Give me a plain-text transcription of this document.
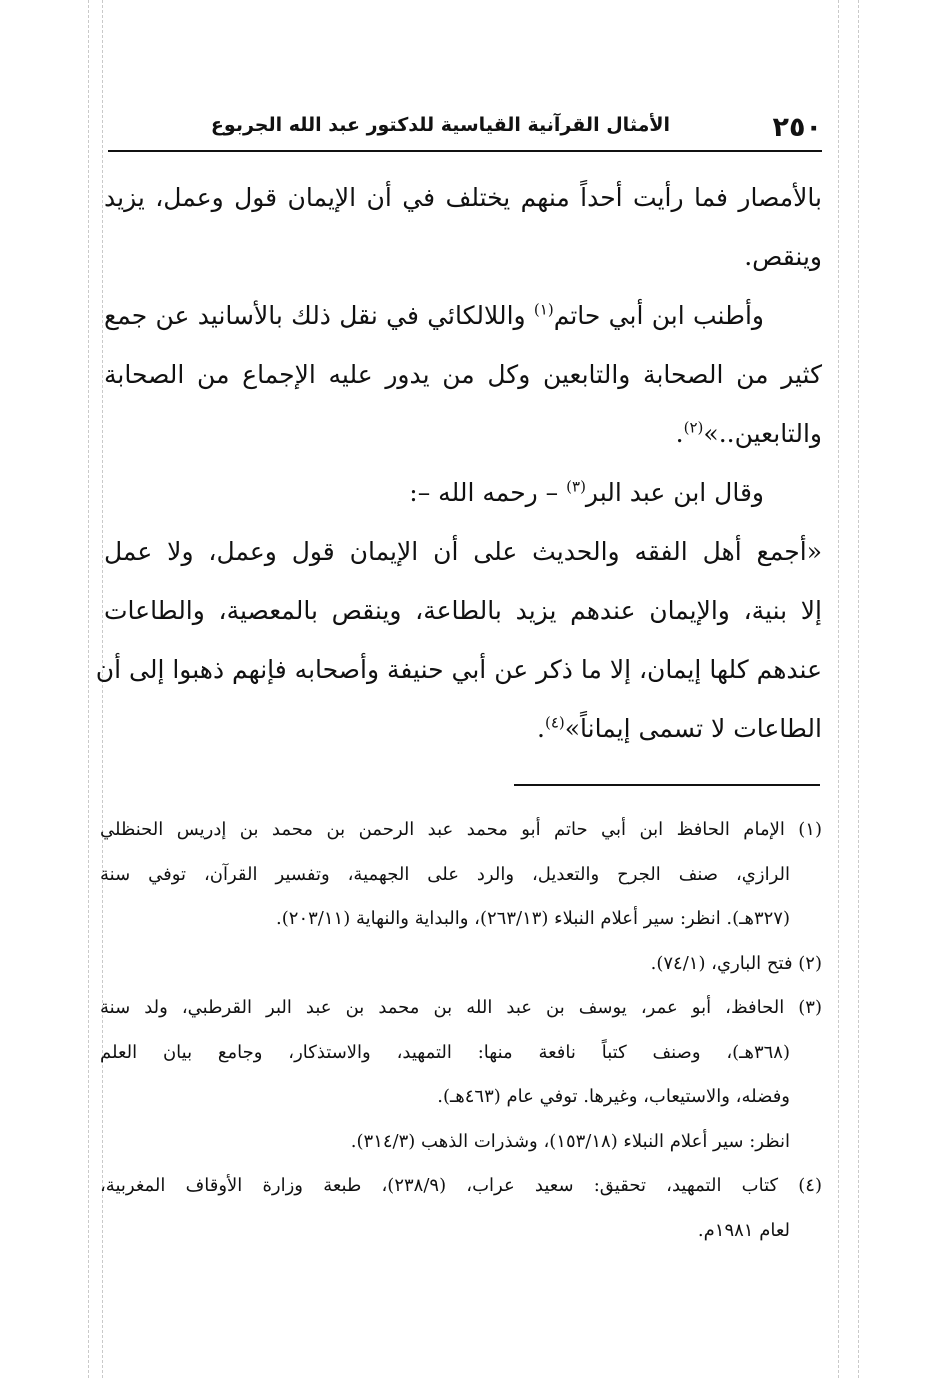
٢٥٠
الأمثال القرآنية القياسية للدكتور عبد الله الجربوع
بالأمصار فما رأيت أحداً منهم يختلف في أن الإيمان قول وعمل، يزيد
وينقص.
وأطنب ابن أبي حاتم$^{(١)}$ واللالكائي في نقل ذلك بالأسانيد عن جمع
كثير من الصحابة والتابعين وكل من يدور عليه الإجماع من الصحابة
والتابعين..»$^{(٢)}$.
وقال ابن عبد البر$^{(٣)}$ – رحمه الله –:
«أجمع أهل الفقه والحديث على أن الإيمان قول وعمل، ولا عمل
إلا بنية، والإيمان عندهم يزيد بالطاعة، وينقص بالمعصية، والطاعات
عندهم كلها إيمان، إلا ما ذكر عن أبي حنيفة وأصحابه فإنهم ذهبوا إلى أن
الطاعات لا تسمى إيماناً»$^{(٤)}$.
(١) الإمام الحافظ ابن أبي حاتم أبو محمد عبد الرحمن بن محمد بن إدريس الحنظلي
الرازي، صنف الجرح والتعديل، والرد على الجهمية، وتفسير القرآن، توفي سنة
(٣٢٧هـ). انظر: سير أعلام النبلاء (٢٦٣/١٣)، والبداية والنهاية (٢٠٣/١١).
(٢) فتح الباري، (٧٤/١).
(٣) الحافظ، أبو عمر، يوسف بن عبد الله بن محمد بن عبد البر القرطبي، ولد سنة
(٣٦٨هـ)، وصنف كتباً نافعة منها: التمهيد، والاستذكار، وجامع بيان العلم
وفضله، والاستيعاب، وغيرها. توفي عام (٤٦٣هـ).
انظر: سير أعلام النبلاء (١٥٣/١٨)، وشذرات الذهب (٣١٤/٣).
(٤) كتاب التمهيد، تحقيق: سعيد عراب، (٢٣٨/٩)، طبعة وزارة الأوقاف المغربية،
لعام ١٩٨١م.
